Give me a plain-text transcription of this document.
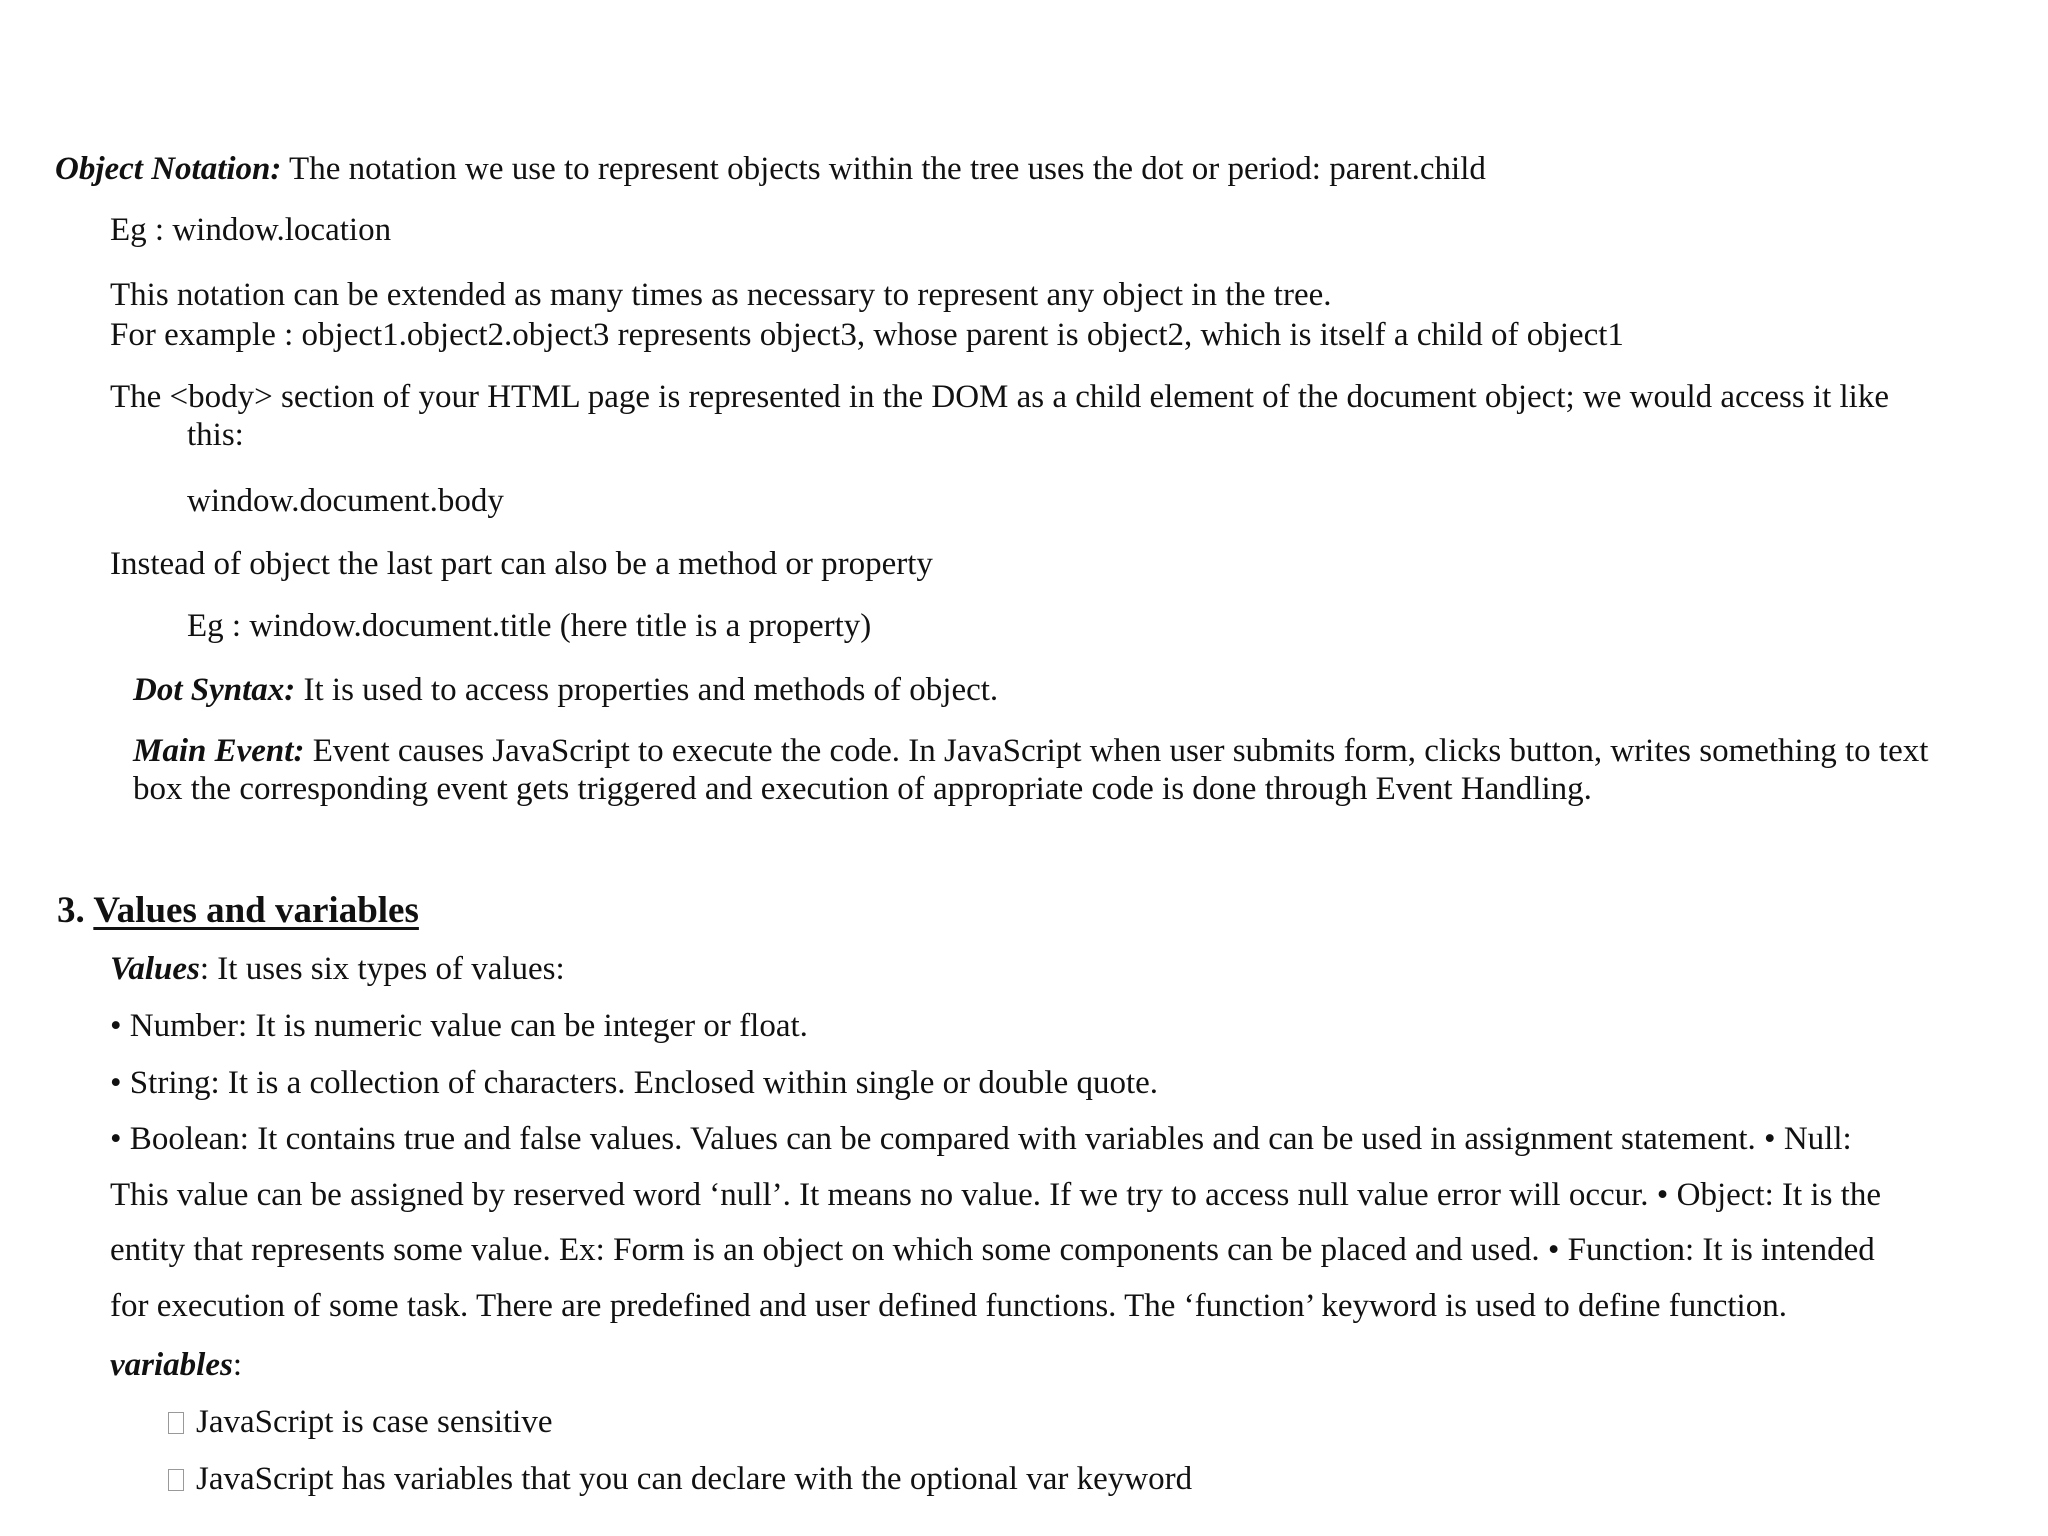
Object Notation: The notation we use to represent objects within the tree uses the dot or period: parent.child
Eg : window.location
This notation can be extended as many times as necessary to represent any object in the tree.
For example : object1.object2.object3 represents object3, whose parent is object2, which is itself a child of object1
The <body> section of your HTML page is represented in the DOM as a child element of the document object; we would access it like
this:
window.document.body
Instead of object the last part can also be a method or property
Eg : window.document.title (here title is a property)
Dot Syntax: It is used to access properties and methods of object.
Main Event: Event causes JavaScript to execute the code. In JavaScript when user submits form, clicks button, writes something to text
box the corresponding event gets triggered and execution of appropriate code is done through Event Handling.
3. Values and variables
Values: It uses six types of values:
• Number: It is numeric value can be integer or float.
• String: It is a collection of characters. Enclosed within single or double quote.
• Boolean: It contains true and false values. Values can be compared with variables and can be used in assignment statement. • Null:
This value can be assigned by reserved word ‘null’. It means no value. If we try to access null value error will occur. • Object: It is the
entity that represents some value. Ex: Form is an object on which some components can be placed and used. • Function: It is intended
for execution of some task. There are predefined and user defined functions. The ‘function’ keyword is used to define function.
variables:
JavaScript is case sensitive
JavaScript has variables that you can declare with the optional var keyword
